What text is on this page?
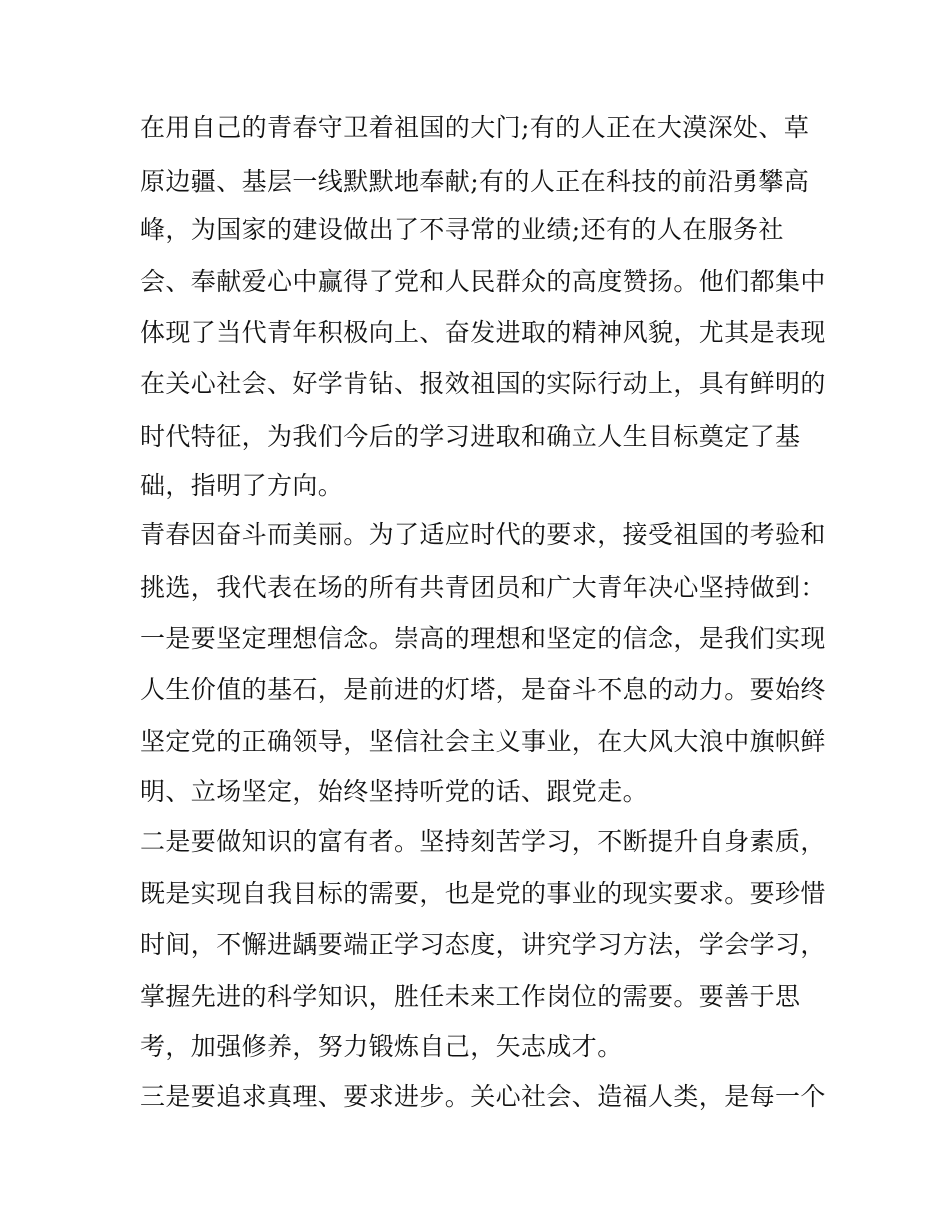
在用自己的青春守卫着祖国的大门;有的人正在大漠深处、草
原边疆、基层一线默默地奉献;有的人正在科技的前沿勇攀高
峰，为国家的建设做出了不寻常的业绩;还有的人在服务社
会、奉献爱心中赢得了党和人民群众的高度赞扬。他们都集中
体现了当代青年积极向上、奋发进取的精神风貌，尤其是表现
在关心社会、好学肯钻、报效祖国的实际行动上，具有鲜明的
时代特征，为我们今后的学习进取和确立人生目标奠定了基
础，指明了方向。
青春因奋斗而美丽。为了适应时代的要求，接受祖国的考验和
挑选，我代表在场的所有共青团员和广大青年决心坚持做到：
一是要坚定理想信念。崇高的理想和坚定的信念，是我们实现
人生价值的基石，是前进的灯塔，是奋斗不息的动力。要始终
坚定党的正确领导，坚信社会主义事业，在大风大浪中旗帜鲜
明、立场坚定，始终坚持听党的话、跟党走。
二是要做知识的富有者。坚持刻苦学习，不断提升自身素质，
既是实现自我目标的需要，也是党的事业的现实要求。要珍惜
时间，不懈进龋要端正学习态度，讲究学习方法，学会学习，
掌握先进的科学知识，胜任未来工作岗位的需要。要善于思
考，加强修养，努力锻炼自己，矢志成才。
三是要追求真理、要求进步。关心社会、造福人类，是每一个
